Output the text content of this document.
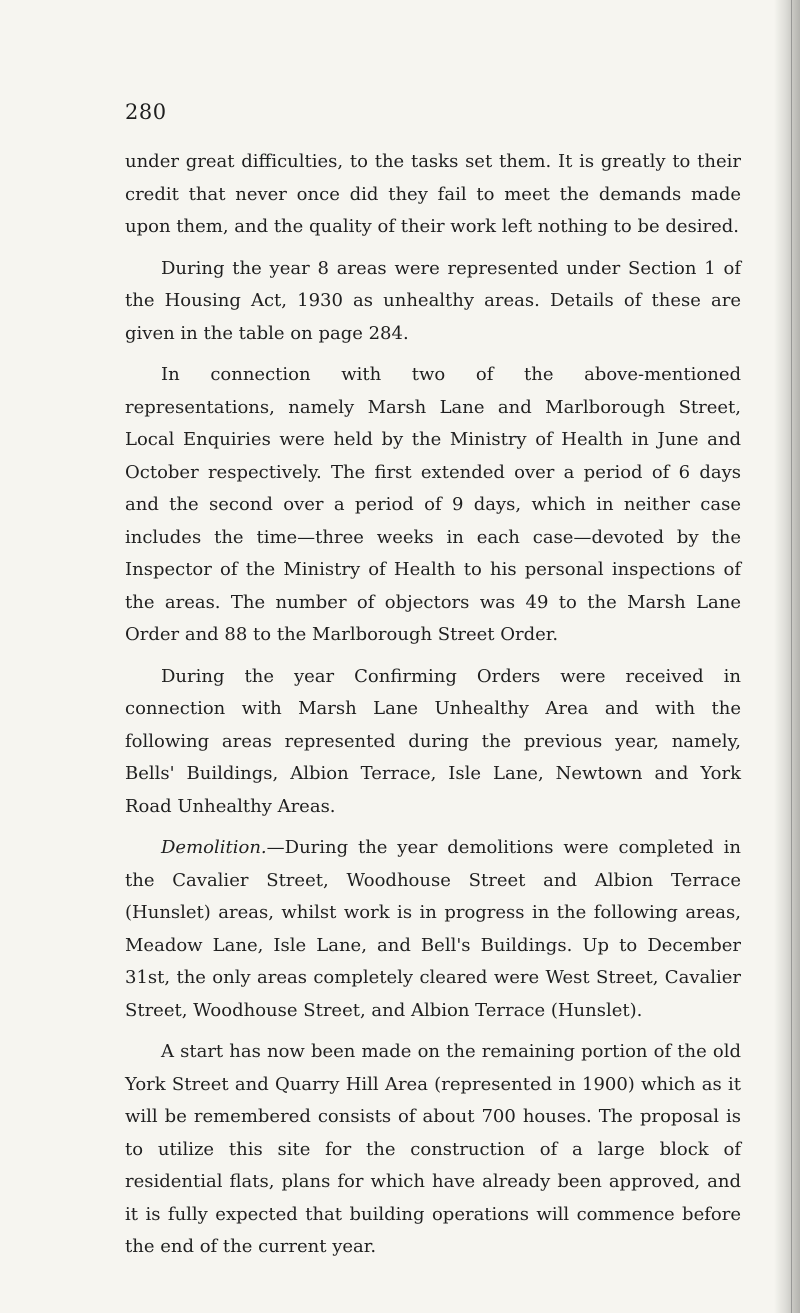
280

under great difficulties, to the tasks set them. It is greatly to their credit that never once did they fail to meet the demands made upon them, and the quality of their work left nothing to be desired.

During the year 8 areas were represented under Section 1 of the Housing Act, 1930 as unhealthy areas. Details of these are given in the table on page 284.

In connection with two of the above-mentioned representations, namely Marsh Lane and Marlborough Street, Local Enquiries were held by the Ministry of Health in June and October respectively. The first extended over a period of 6 days and the second over a period of 9 days, which in neither case includes the time—three weeks in each case—devoted by the Inspector of the Ministry of Health to his personal inspections of the areas. The number of objectors was 49 to the Marsh Lane Order and 88 to the Marlborough Street Order.

During the year Confirming Orders were received in connection with Marsh Lane Unhealthy Area and with the following areas represented during the previous year, namely, Bells' Buildings, Albion Terrace, Isle Lane, Newtown and York Road Unhealthy Areas.

Demolition.—During the year demolitions were completed in the Cavalier Street, Woodhouse Street and Albion Terrace (Hunslet) areas, whilst work is in progress in the following areas, Meadow Lane, Isle Lane, and Bell's Buildings. Up to December 31st, the only areas completely cleared were West Street, Cavalier Street, Woodhouse Street, and Albion Terrace (Hunslet).

A start has now been made on the remaining portion of the old York Street and Quarry Hill Area (represented in 1900) which as it will be remembered consists of about 700 houses. The proposal is to utilize this site for the construction of a large block of residential flats, plans for which have already been approved, and it is fully expected that building operations will commence before the end of the current year.
